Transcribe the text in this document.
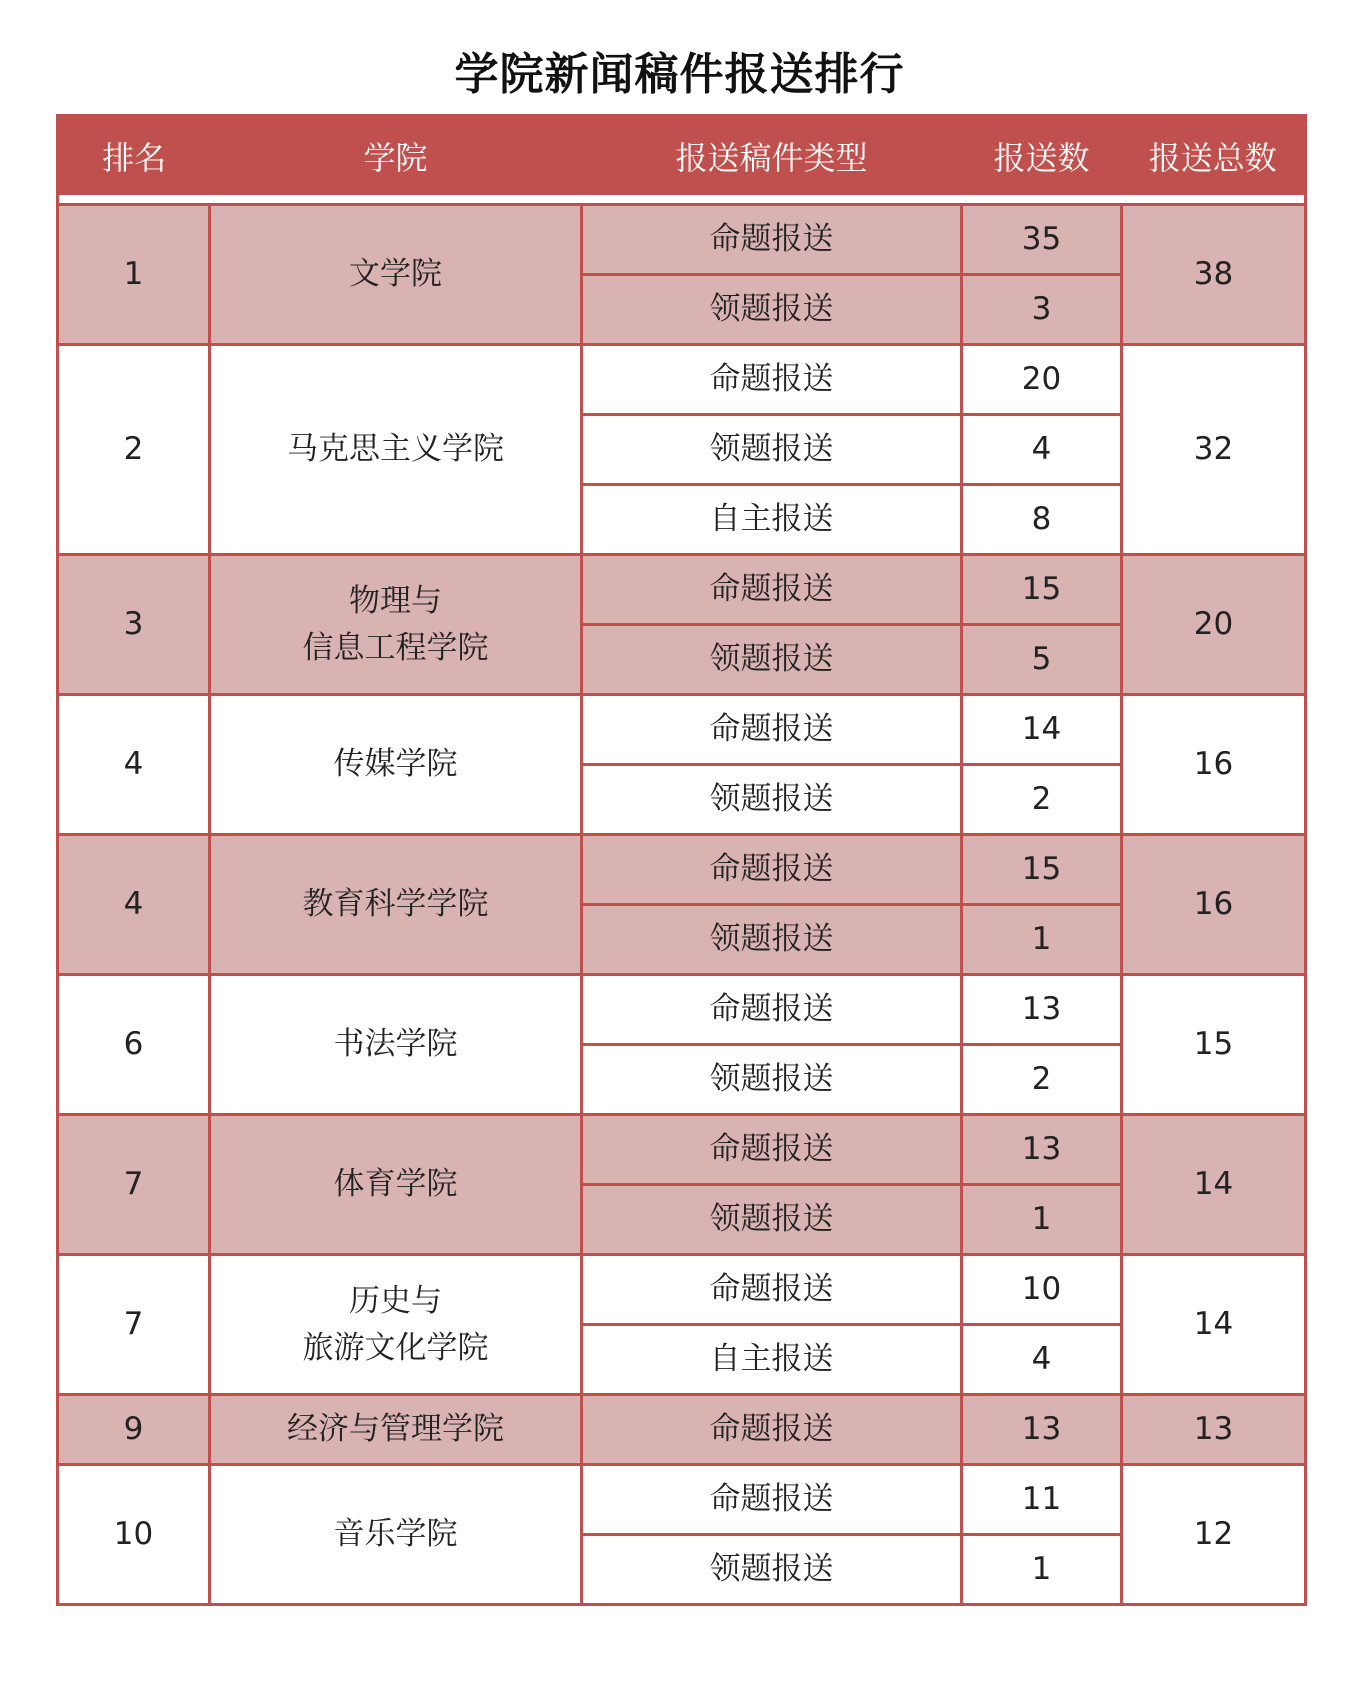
学院新闻稿件报送排行
排名	学院	报送稿件类型	报送数	报送总数

1	文学院	命题报送	35	38
		领题报送	3	
2	马克思主义学院	命题报送	20	32
		领题报送	4	
		自主报送	8	
3	物理与
信息工程学院	命题报送	15	20
		领题报送	5	
4	传媒学院	命题报送	14	16
		领题报送	2	
4	教育科学学院	命题报送	15	16
		领题报送	1	
6	书法学院	命题报送	13	15
		领题报送	2	
7	体育学院	命题报送	13	14
		领题报送	1	
7	历史与
旅游文化学院	命题报送	10	14
		自主报送	4	
9	经济与管理学院	命题报送	13	13
10	音乐学院	命题报送	11	12
		领题报送	1	
